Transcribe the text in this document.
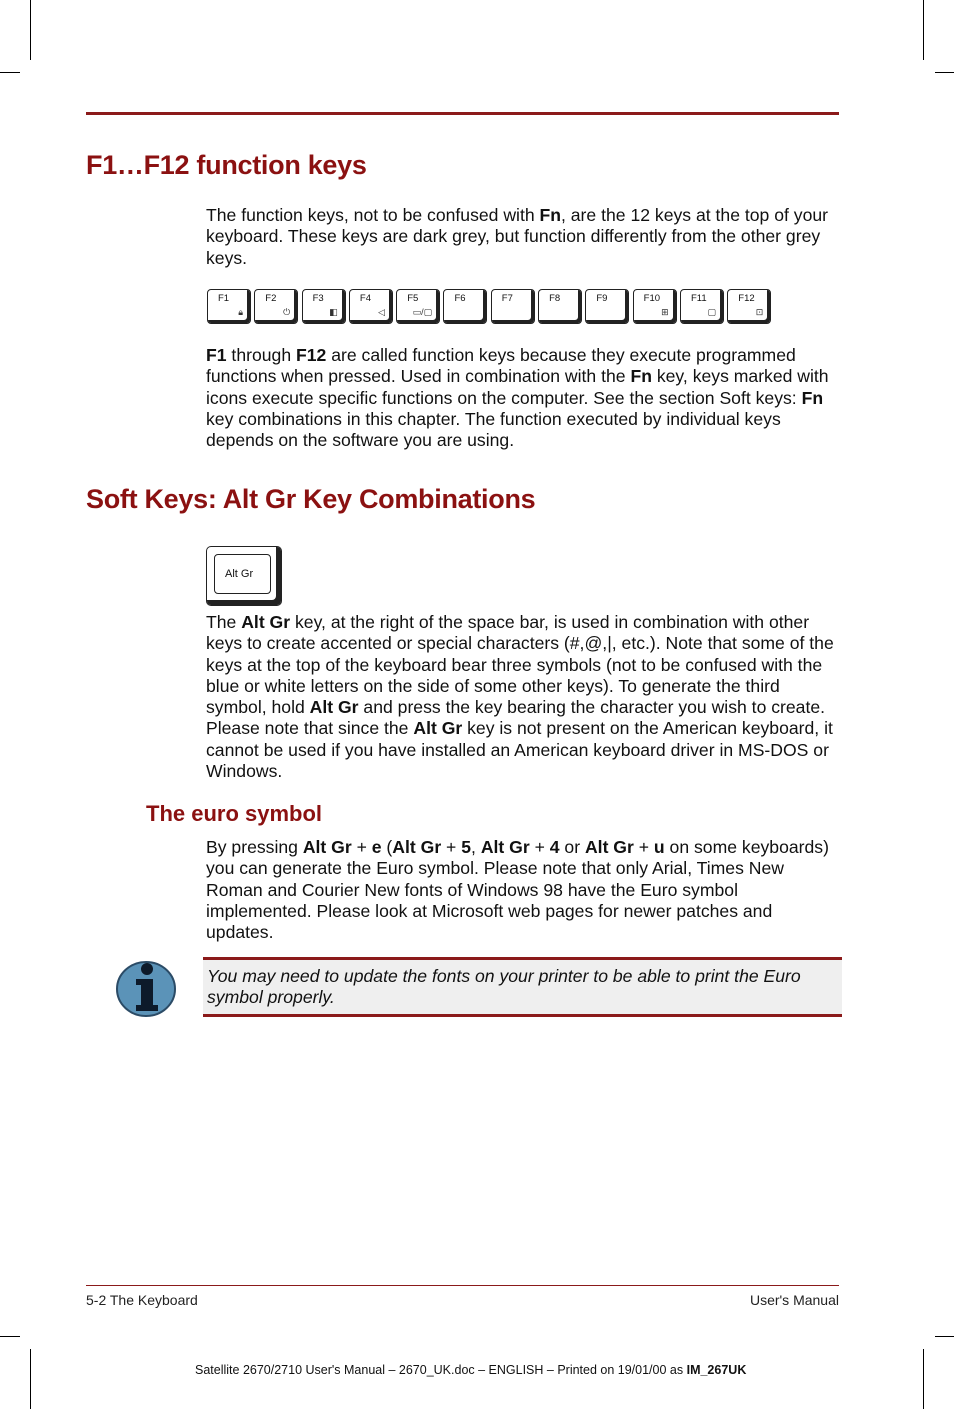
F1…F12 function keys

The function keys, not to be confused with Fn, are the 12 keys at the top of your keyboard. These keys are dark grey, but function differently from the other grey keys.

F1
🔒︎
F2
⏻
F3
◧
F4
◁
F5
▭/▢
F6	F7	F8	F9	F10
⊞
F11
▢
F12
⊡

F1 through F12 are called function keys because they execute programmed functions when pressed. Used in combination with the Fn key, keys marked with icons execute specific functions on the computer. See the section Soft keys: Fn key combinations in this chapter. The function executed by individual keys depends on the software you are using.

Soft Keys: Alt Gr Key Combinations
Alt Gr

The Alt Gr key, at the right of the space bar, is used in combination with other keys to create accented or special characters (#,@,|, etc.). Note that some of the keys at the top of the keyboard bear three symbols (not to be confused with the blue or white letters on the side of some other keys). To generate the third symbol, hold Alt Gr and press the key bearing the character you wish to create. Please note that since the Alt Gr key is not present on the American keyboard, it cannot be used if you have installed an American keyboard driver in MS-DOS or Windows.

The euro symbol

By pressing Alt Gr + e (Alt Gr + 5, Alt Gr + 4 or Alt Gr + u on some keyboards) you can generate the Euro symbol. Please note that only Arial, Times New Roman and Courier New fonts of Windows 98 have the Euro symbol implemented. Please look at Microsoft web pages for newer patches and updates.

You may need to update the fonts on your printer to be able to print the Euro symbol properly.

5-2 The Keyboard	User's Manual
Satellite 2670/2710 User's Manual – 2670_UK.doc – ENGLISH – Printed on 19/01/00 as IM_267UK
